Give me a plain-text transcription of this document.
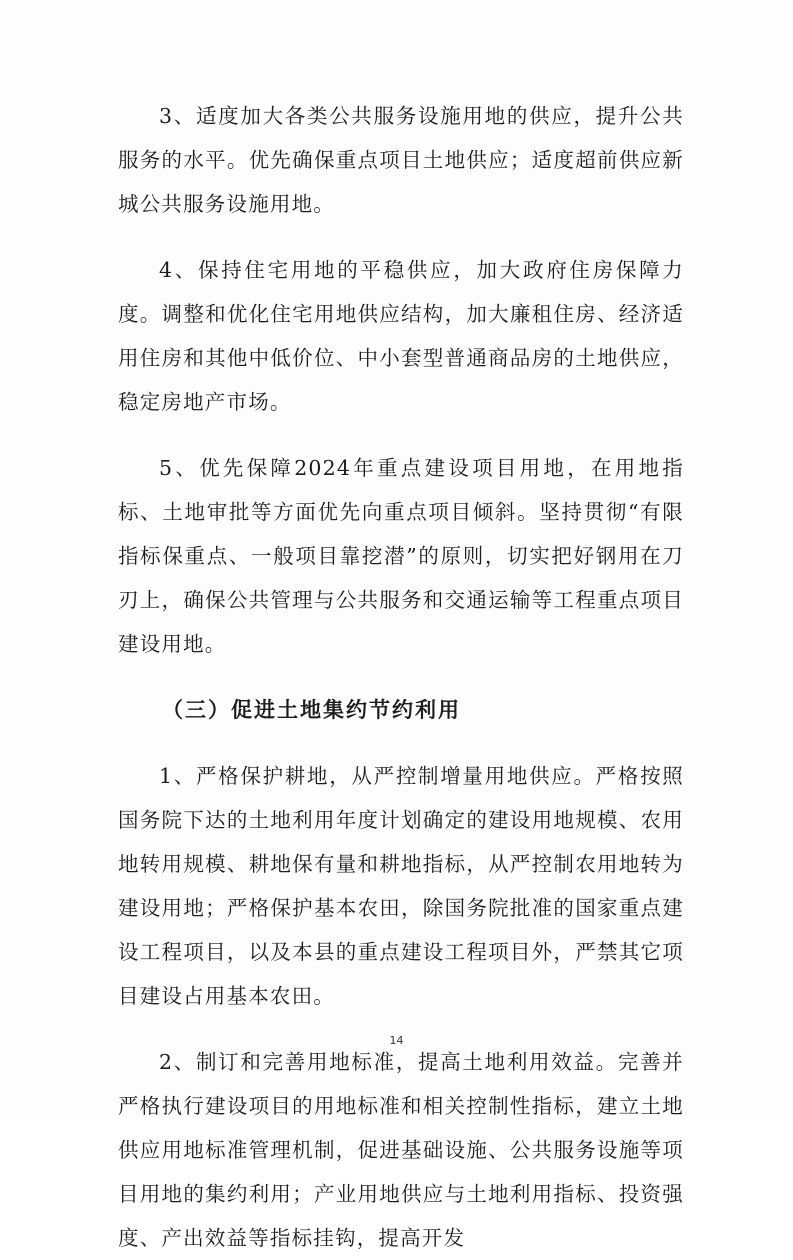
3、适度加大各类公共服务设施用地的供应，提升公共服务的水平。优先确保重点项目土地供应；适度超前供应新城公共服务设施用地。

4、保持住宅用地的平稳供应，加大政府住房保障力度。调整和优化住宅用地供应结构，加大廉租住房、经济适用住房和其他中低价位、中小套型普通商品房的土地供应，稳定房地产市场。

5、优先保障2024年重点建设项目用地，在用地指标、土地审批等方面优先向重点项目倾斜。坚持贯彻“有限指标保重点、一般项目靠挖潜”的原则，切实把好钢用在刀刃上，确保公共管理与公共服务和交通运输等工程重点项目建设用地。

（三）促进土地集约节约利用

1、严格保护耕地，从严控制增量用地供应。严格按照国务院下达的土地利用年度计划确定的建设用地规模、农用地转用规模、耕地保有量和耕地指标，从严控制农用地转为建设用地；严格保护基本农田，除国务院批准的国家重点建设工程项目，以及本县的重点建设工程项目外，严禁其它项目建设占用基本农田。

2、制订和完善用地标准，提高土地利用效益。完善并严格执行建设项目的用地标准和相关控制性指标，建立土地供应用地标准管理机制，促进基础设施、公共服务设施等项目用地的集约利用；产业用地供应与土地利用指标、投资强度、产出效益等指标挂钩，提高开发

14
